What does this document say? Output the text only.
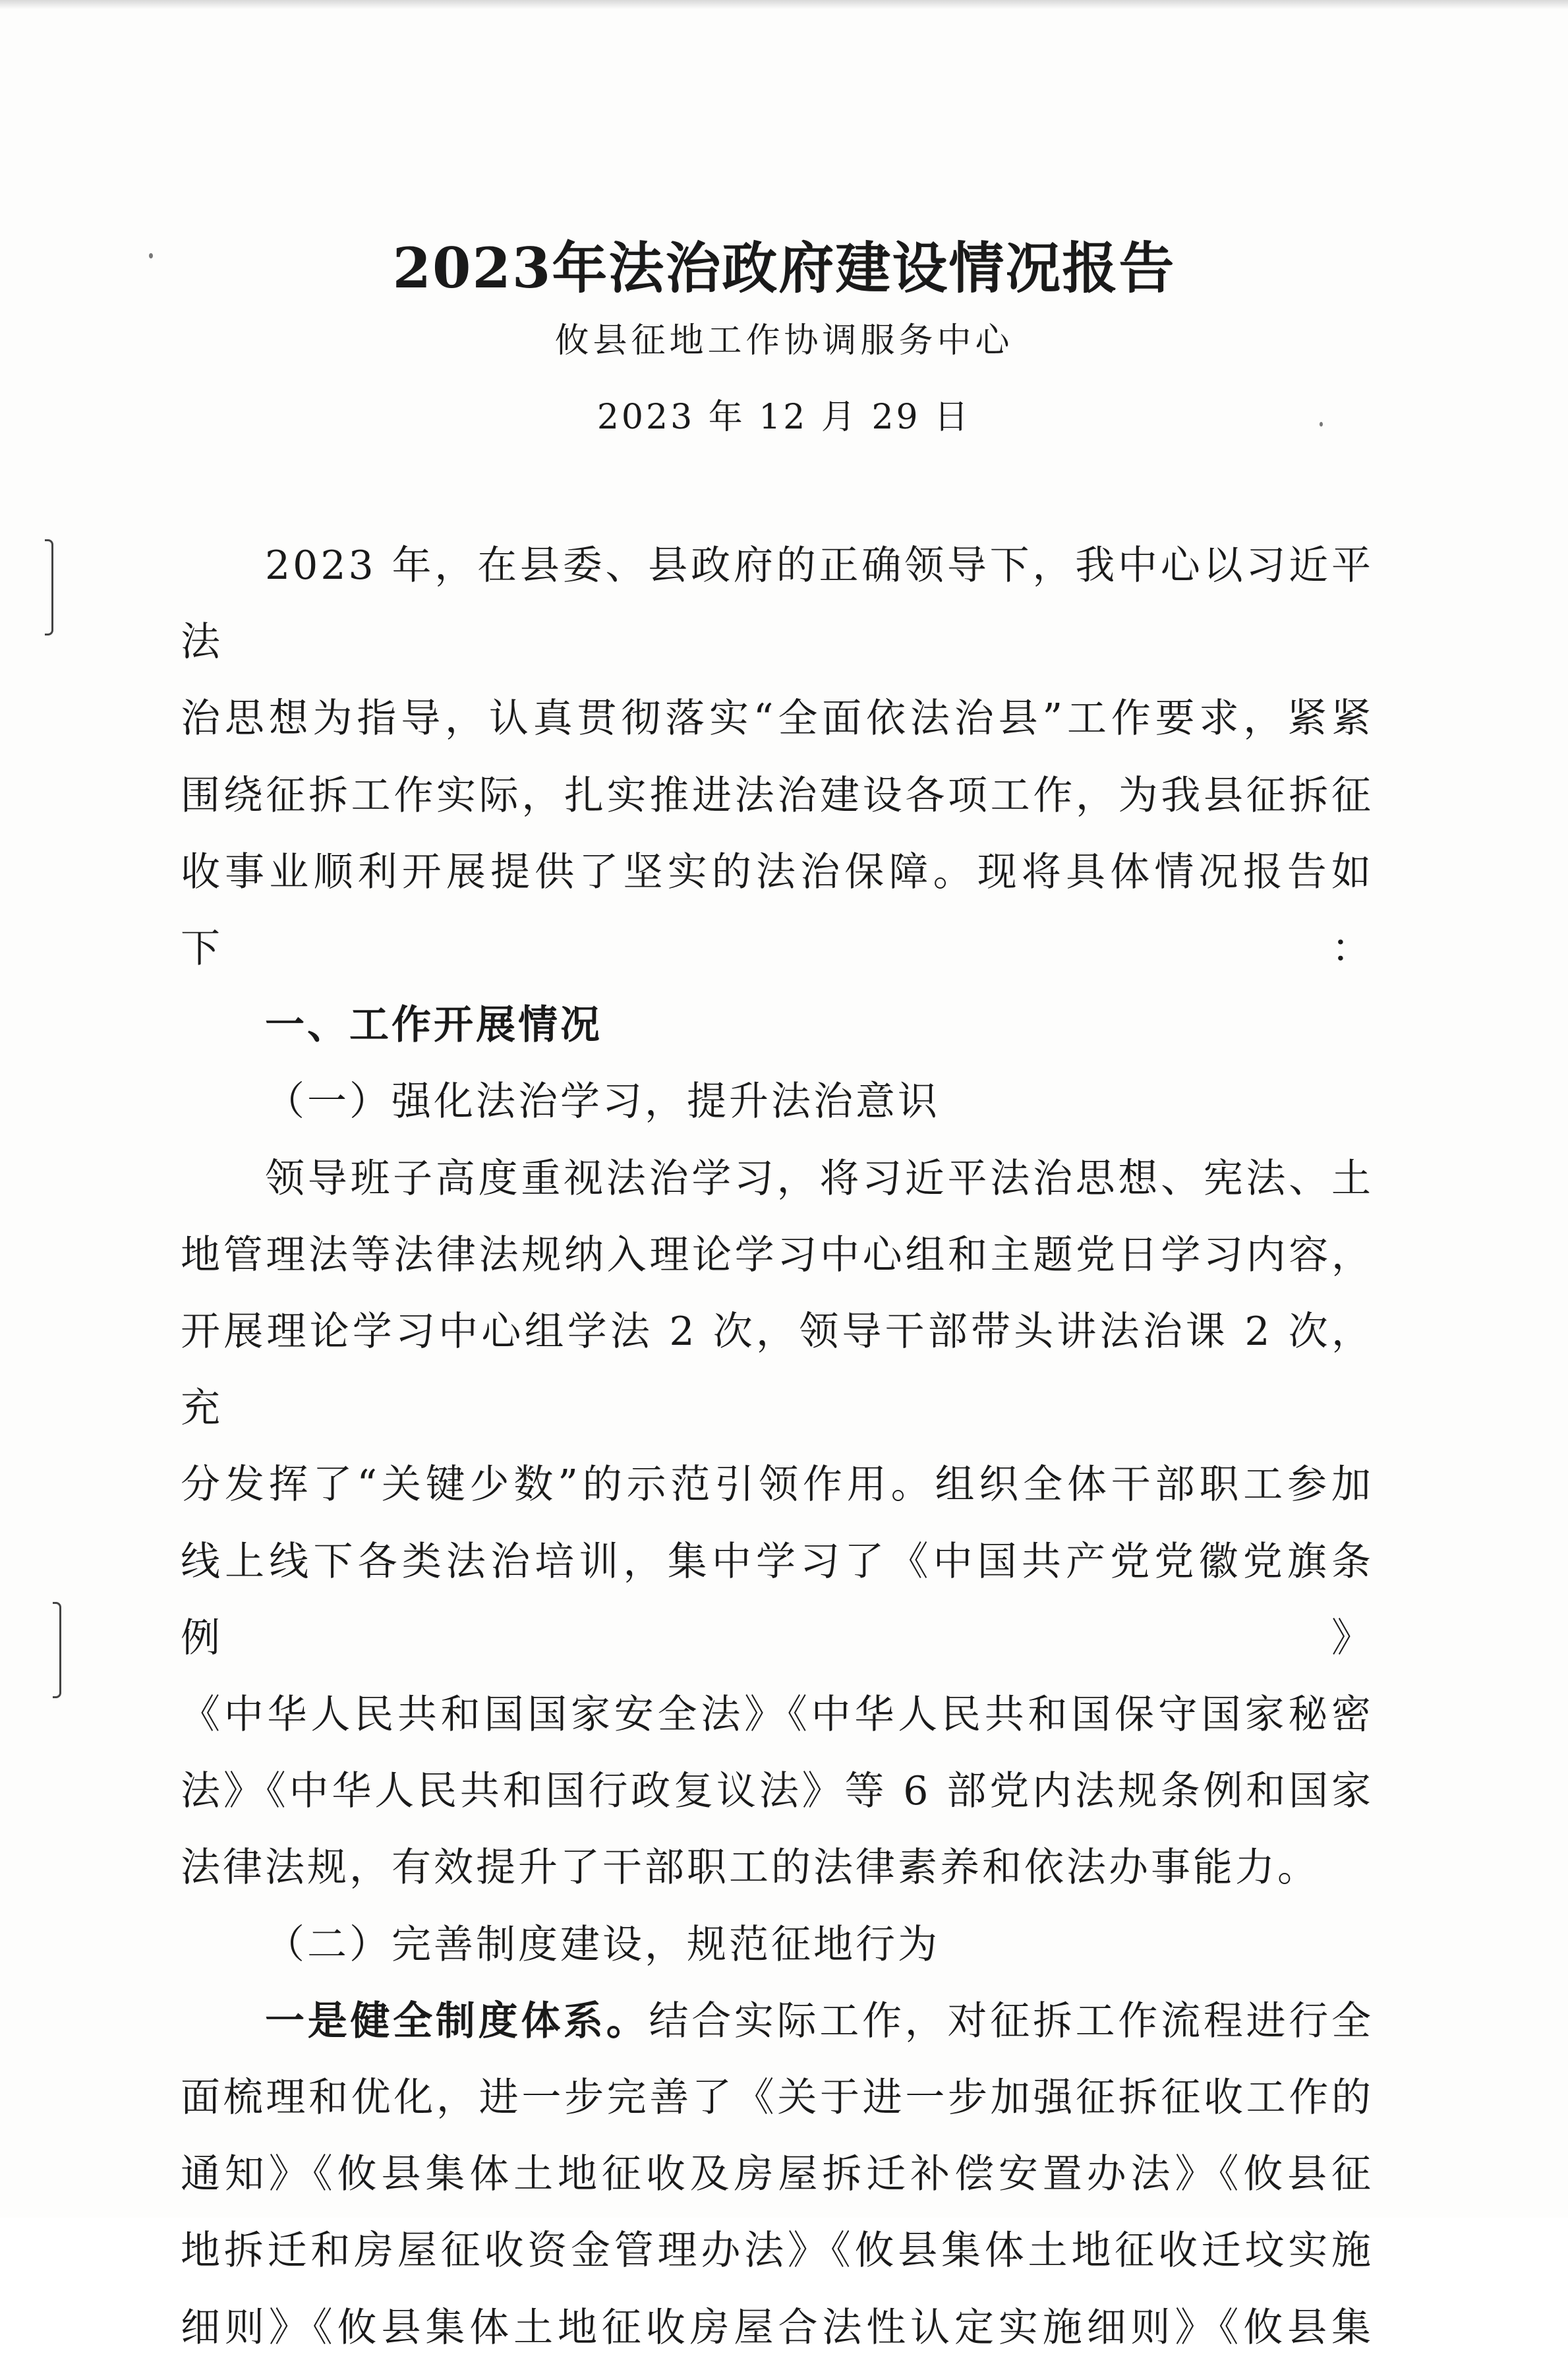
2023年法治政府建设情况报告
攸县征地工作协调服务中心
2023 年 12 月 29 日

2023 年，在县委、县政府的正确领导下，我中心以习近平法

治思想为指导，认真贯彻落实“全面依法治县”工作要求，紧紧

围绕征拆工作实际，扎实推进法治建设各项工作，为我县征拆征

收事业顺利开展提供了坚实的法治保障。现将具体情况报告如下：

一、工作开展情况

（一）强化法治学习，提升法治意识

领导班子高度重视法治学习，将习近平法治思想、宪法、土

地管理法等法律法规纳入理论学习中心组和主题党日学习内容，

开展理论学习中心组学法 2 次，领导干部带头讲法治课 2 次，充

分发挥了“关键少数”的示范引领作用。组织全体干部职工参加

线上线下各类法治培训，集中学习了《中国共产党党徽党旗条例》

《中华人民共和国国家安全法》《中华人民共和国保守国家秘密

法》《中华人民共和国行政复议法》等 6 部党内法规条例和国家

法律法规，有效提升了干部职工的法律素养和依法办事能力。

（二）完善制度建设，规范征地行为

一是健全制度体系。结合实际工作，对征拆工作流程进行全

面梳理和优化，进一步完善了《关于进一步加强征拆征收工作的

通知》《攸县集体土地征收及房屋拆迁补偿安置办法》《攸县征

地拆迁和房屋征收资金管理办法》《攸县集体土地征收迁坟实施

细则》《攸县集体土地征收房屋合法性认定实施细则》《攸县集
